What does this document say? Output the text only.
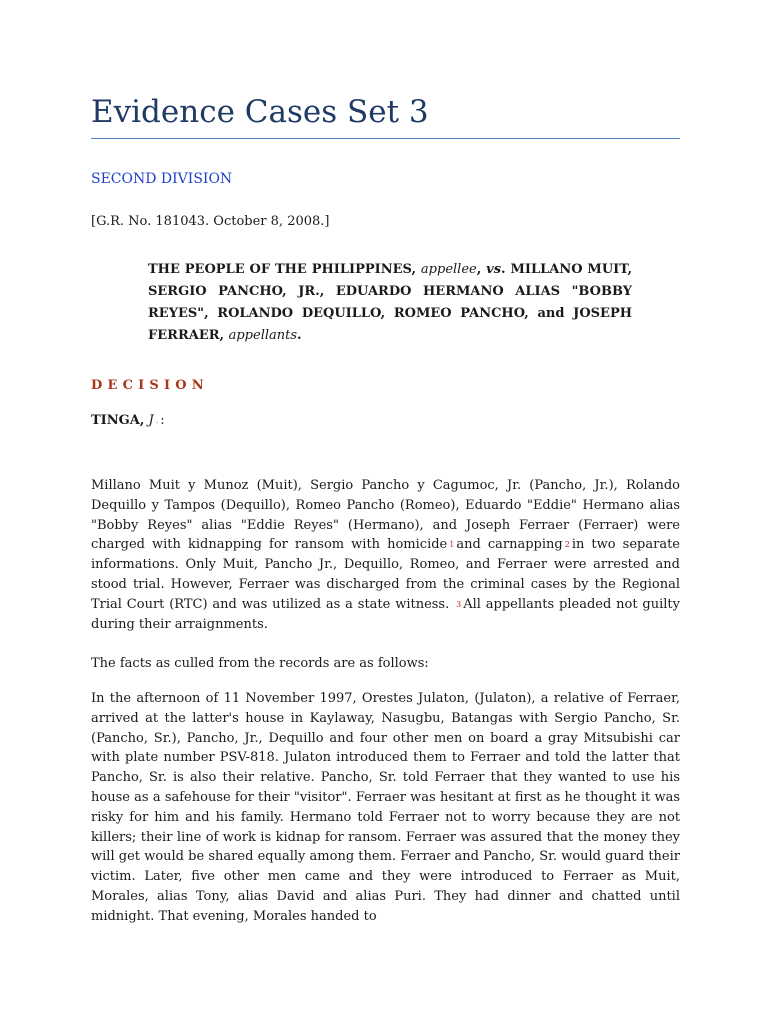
Evidence Cases Set 3
SECOND DIVISION
[G.R. No. 181043. October 8, 2008.]
THE PEOPLE OF THE PHILIPPINES, appellee, vs. MILLANO MUIT, SERGIO PANCHO, JR., EDUARDO HERMANO ALIAS "BOBBY REYES", ROLANDO DEQUILLO, ROMEO PANCHO, and JOSEPH FERRAER, appellants.
DECISION
TINGA, J . :

Millano Muit y Munoz (Muit), Sergio Pancho y Cagumoc, Jr. (Pancho, Jr.), Rolando Dequillo y Tampos (Dequillo), Romeo Pancho (Romeo), Eduardo "Eddie" Hermano alias "Bobby Reyes" alias "Eddie Reyes" (Hermano), and Joseph Ferraer (Ferraer) were charged with kidnapping for ransom with homicide 1 and carnapping 2 in two separate informations. Only Muit, Pancho Jr., Dequillo, Romeo, and Ferraer were arrested and stood trial. However, Ferraer was discharged from the criminal cases by the Regional Trial Court (RTC) and was utilized as a state witness. 3 All appellants pleaded not guilty during their arraignments.

The facts as culled from the records are as follows:

In the afternoon of 11 November 1997, Orestes Julaton, (Julaton), a relative of Ferraer, arrived at the latter's house in Kaylaway, Nasugbu, Batangas with Sergio Pancho, Sr. (Pancho, Sr.), Pancho, Jr., Dequillo and four other men on board a gray Mitsubishi car with plate number PSV-818. Julaton introduced them to Ferraer and told the latter that Pancho, Sr. is also their relative. Pancho, Sr. told Ferraer that they wanted to use his house as a safehouse for their "visitor". Ferraer was hesitant at first as he thought it was risky for him and his family. Hermano told Ferraer not to worry because they are not killers; their line of work is kidnap for ransom. Ferraer was assured that the money they will get would be shared equally among them. Ferraer and Pancho, Sr. would guard their victim. Later, five other men came and they were introduced to Ferraer as Muit, Morales, alias Tony, alias David and alias Puri. They had dinner and chatted until midnight. That evening, Morales handed to
